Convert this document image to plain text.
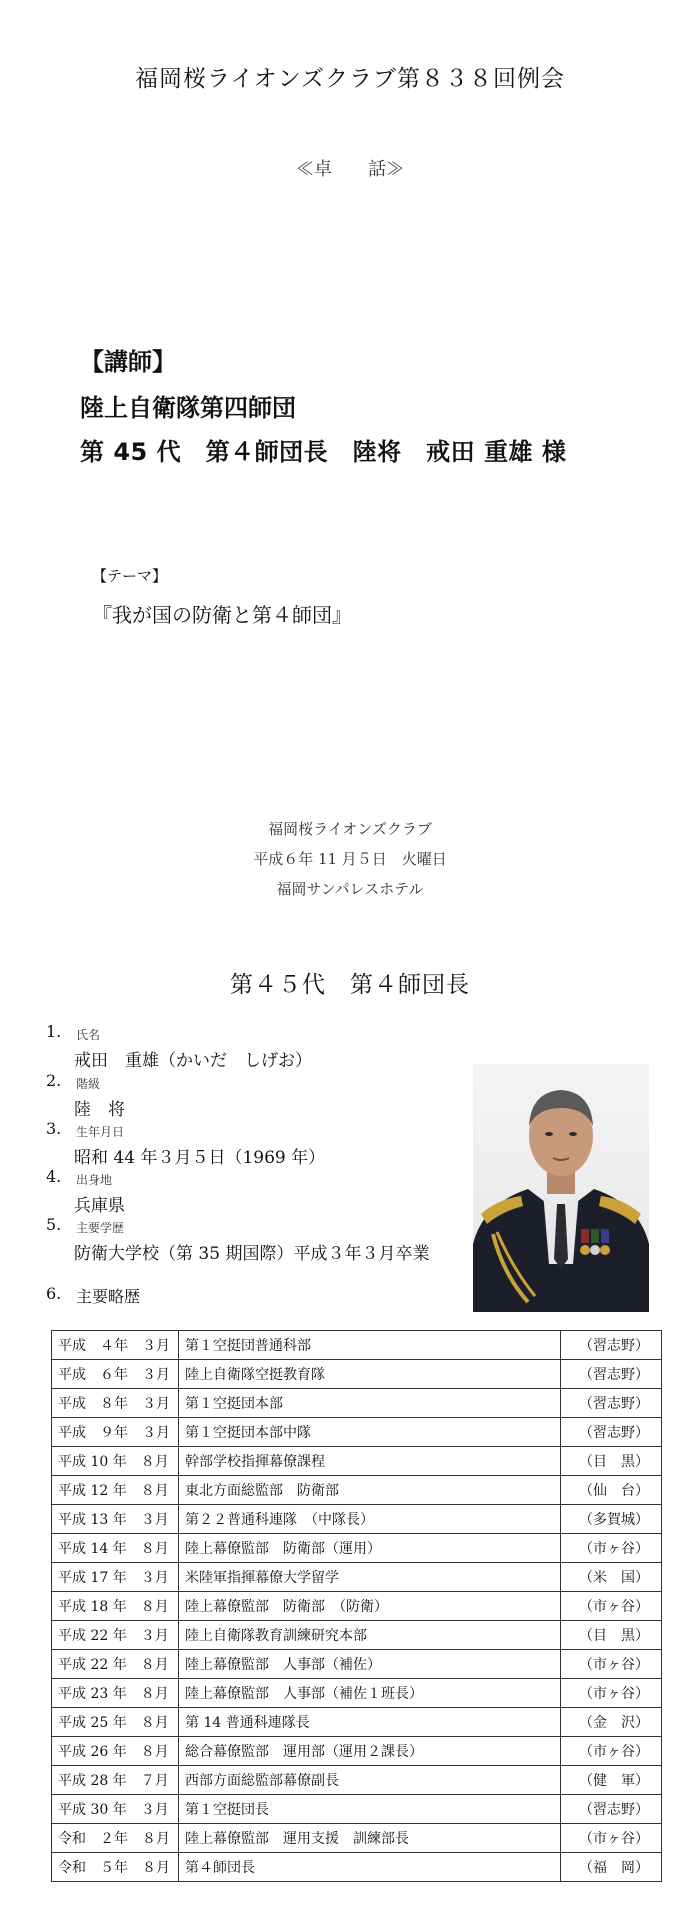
福岡桜ライオンズクラブ第８３８回例会
≪卓　　話≫
【講師】
陸上自衛隊第四師団
第 45 代　第４師団長　陸将　戒田 重雄 様
【テーマ】
『我が国の防衛と第４師団』
福岡桜ライオンズクラブ
平成６年 11 月５日　火曜日
福岡サンパレスホテル
第４５代　第４師団長
1. 氏名
戒田　重雄（かいだ　しげお）
2. 階級
陸　将
3. 生年月日
昭和 44 年３月５日（1969 年）
4. 出身地
兵庫県
5. 主要学歴
防衛大学校（第 35 期国際）平成３年３月卒業
6. 主要略歴
平成　４年　３月	第１空挺団普通科部	（習志野）
平成　６年　３月	陸上自衛隊空挺教育隊	（習志野）
平成　８年　３月	第１空挺団本部	（習志野）
平成　９年　３月	第１空挺団本部中隊	（習志野）
平成 10 年　８月	幹部学校指揮幕僚課程	（目　黒）
平成 12 年　８月	東北方面総監部　防衛部	（仙　台）
平成 13 年　３月	第２２普通科連隊　（中隊長）	（多賀城）
平成 14 年　８月	陸上幕僚監部　防衛部（運用）	（市ヶ谷）
平成 17 年　３月	米陸軍指揮幕僚大学留学	（米　国）
平成 18 年　８月	陸上幕僚監部　防衛部　（防衛）	（市ヶ谷）
平成 22 年　３月	陸上自衛隊教育訓練研究本部	（目　黒）
平成 22 年　８月	陸上幕僚監部　人事部（補佐）	（市ヶ谷）
平成 23 年　８月	陸上幕僚監部　人事部（補佐１班長）	（市ヶ谷）
平成 25 年　８月	第 14 普通科連隊長	（金　沢）
平成 26 年　８月	総合幕僚監部　運用部（運用２課長）	（市ヶ谷）
平成 28 年　７月	西部方面総監部幕僚副長	（健　軍）
平成 30 年　３月	第１空挺団長	（習志野）
令和　２年　８月	陸上幕僚監部　運用支援　訓練部長	（市ヶ谷）
令和　５年　８月	第４師団長	（福　岡）
